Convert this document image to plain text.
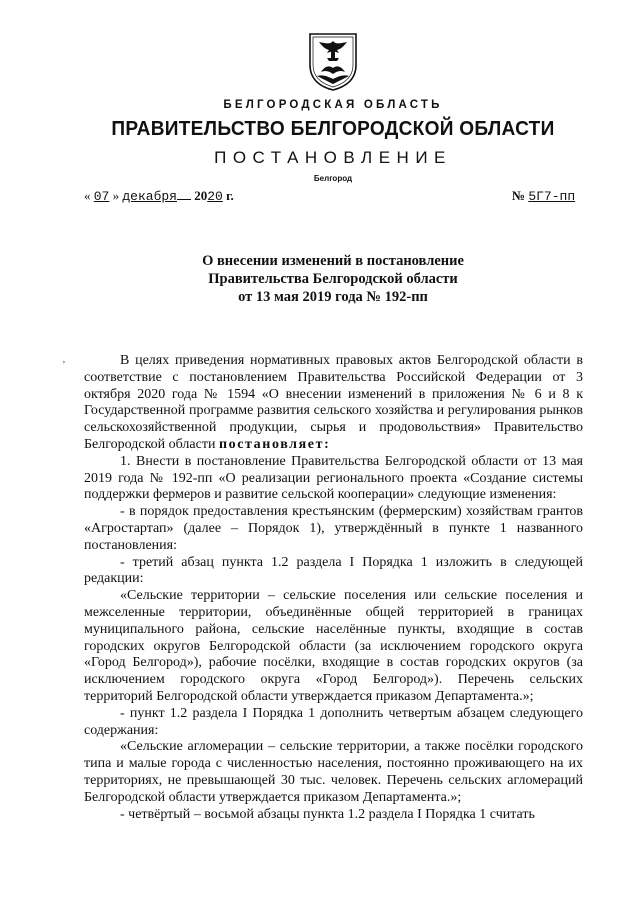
БЕЛГОРОДСКАЯ ОБЛАСТЬ
ПРАВИТЕЛЬСТВО БЕЛГОРОДСКОЙ ОБЛАСТИ
ПОСТАНОВЛЕНИЕ
Белгород
« 07 » декабря 2020 г.	№ 5Г7-пп
О внесении изменений в постановление
Правительства Белгородской области
от 13 мая 2019 года № 192-пп
’	В целях приведения нормативных правовых актов Белгородской области в соответствие с постановлением Правительства Российской Федерации от 3 октября 2020 года № 1594 «О внесении изменений в приложения № 6 и 8 к Государственной программе развития сельского хозяйства и регулирования рынков сельскохозяйственной продукции, сырья и продовольствия» Правительство Белгородской области постановляет:

1. Внести в постановление Правительства Белгородской области от 13 мая 2019 года № 192-пп «О реализации регионального проекта «Создание системы поддержки фермеров и развитие сельской кооперации» следующие изменения:

- в порядок предоставления крестьянским (фермерским) хозяйствам грантов «Агростартап» (далее – Порядок 1), утверждённый в пункте 1 названного постановления:

- третий абзац пункта 1.2 раздела I Порядка 1 изложить в следующей редакции:

«Сельские территории – сельские поселения или сельские поселения и межселенные территории, объединённые общей территорией в границах муниципального района, сельские населённые пункты, входящие в состав городских округов Белгородской области (за исключением городского округа «Город Белгород»), рабочие посёлки, входящие в состав городских округов (за исключением городского округа «Город Белгород»). Перечень сельских территорий Белгородской области утверждается приказом Департамента.»;

- пункт 1.2 раздела I Порядка 1 дополнить четвертым абзацем следующего содержания:

«Сельские агломерации – сельские территории, а также посёлки городского типа и малые города с численностью населения, постоянно проживающего на их территориях, не превышающей 30 тыс. человек. Перечень сельских агломераций Белгородской области утверждается приказом Департамента.»;

- четвёртый – восьмой абзацы пункта 1.2 раздела I Порядка 1 считать
